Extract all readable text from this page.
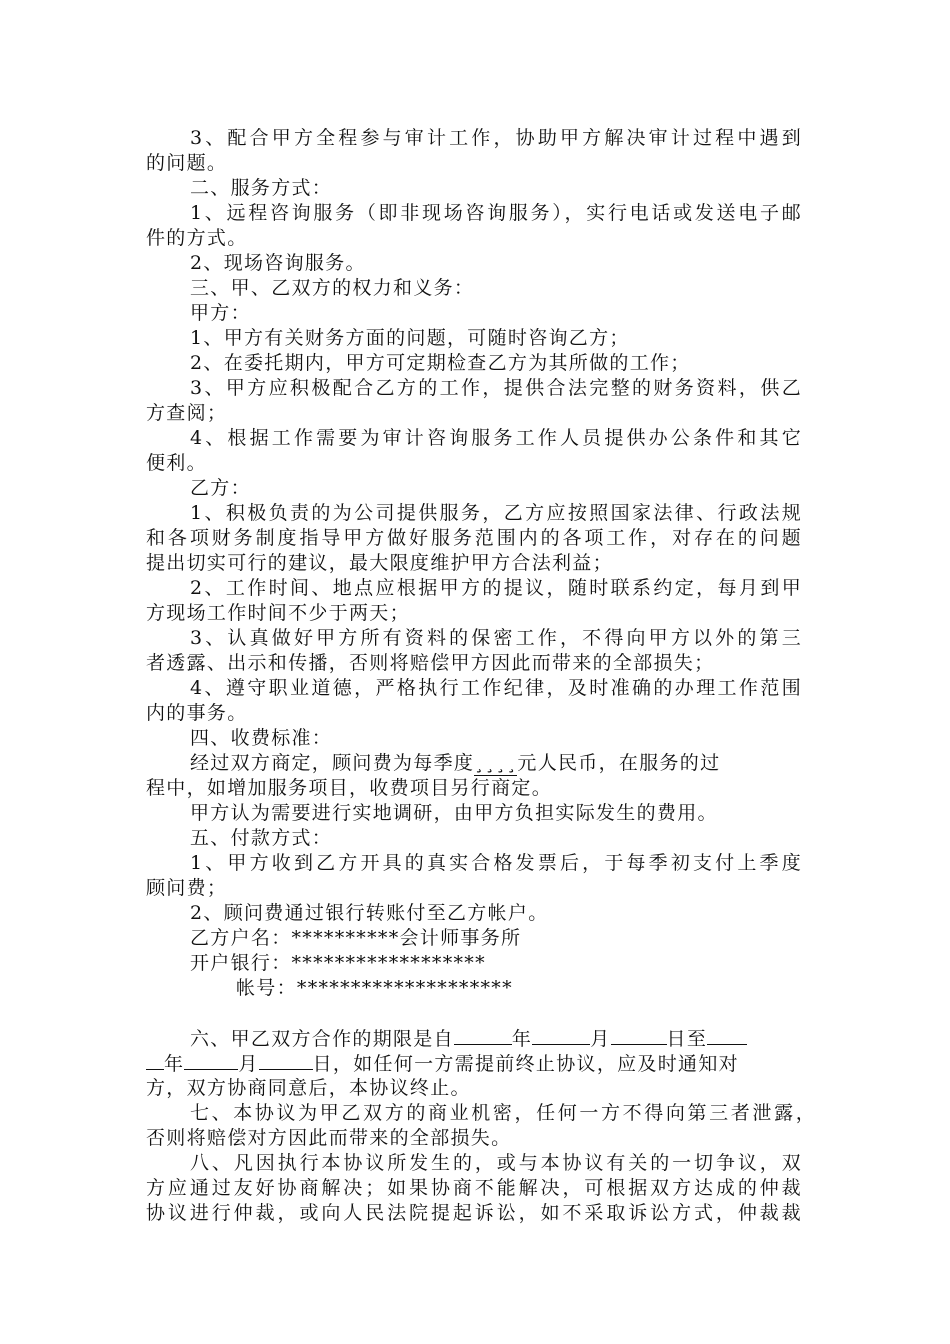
3、配合甲方全程参与审计工作，协助甲方解决审计过程中遇到
的问题。
二、服务方式：
1、远程咨询服务（即非现场咨询服务），实行电话或发送电子邮
件的方式。
2、现场咨询服务。
三、甲、乙双方的权力和义务：
甲方：
1、甲方有关财务方面的问题，可随时咨询乙方；
2、在委托期内，甲方可定期检查乙方为其所做的工作；
3、甲方应积极配合乙方的工作，提供合法完整的财务资料，供乙
方查阅；
4、根据工作需要为审计咨询服务工作人员提供办公条件和其它
便利。
乙方：
1、积极负责的为公司提供服务，乙方应按照国家法律、行政法规
和各项财务制度指导甲方做好服务范围内的各项工作，对存在的问题
提出切实可行的建议，最大限度维护甲方合法利益；
2、工作时间、地点应根据甲方的提议，随时联系约定，每月到甲
方现场工作时间不少于两天；
3、认真做好甲方所有资料的保密工作，不得向甲方以外的第三
者透露、出示和传播，否则将赔偿甲方因此而带来的全部损失；
4、遵守职业道德，严格执行工作纪律，及时准确的办理工作范围
内的事务。
四、收费标准：
经过双方商定，顾问费为每季度¸¸¸¸元人民币，在服务的过
程中，如增加服务项目，收费项目另行商定。
甲方认为需要进行实地调研，由甲方负担实际发生的费用。
五、付款方式：
1、甲方收到乙方开具的真实合格发票后，于每季初支付上季度
顾问费；
2、顾问费通过银行转账付至乙方帐户。
乙方户名：**********会计师事务所
开户银行：******************
帐号：********************
六、甲乙双方合作的期限是自	年	月	日至
年	月	日，如任何一方需提前终止协议，应及时通知对
方，双方协商同意后，本协议终止。
七、本协议为甲乙双方的商业机密，任何一方不得向第三者泄露，
否则将赔偿对方因此而带来的全部损失。
八、凡因执行本协议所发生的，或与本协议有关的一切争议，双
方应通过友好协商解决；如果协商不能解决，可根据双方达成的仲裁
协议进行仲裁，或向人民法院提起诉讼，如不采取诉讼方式，仲裁裁
